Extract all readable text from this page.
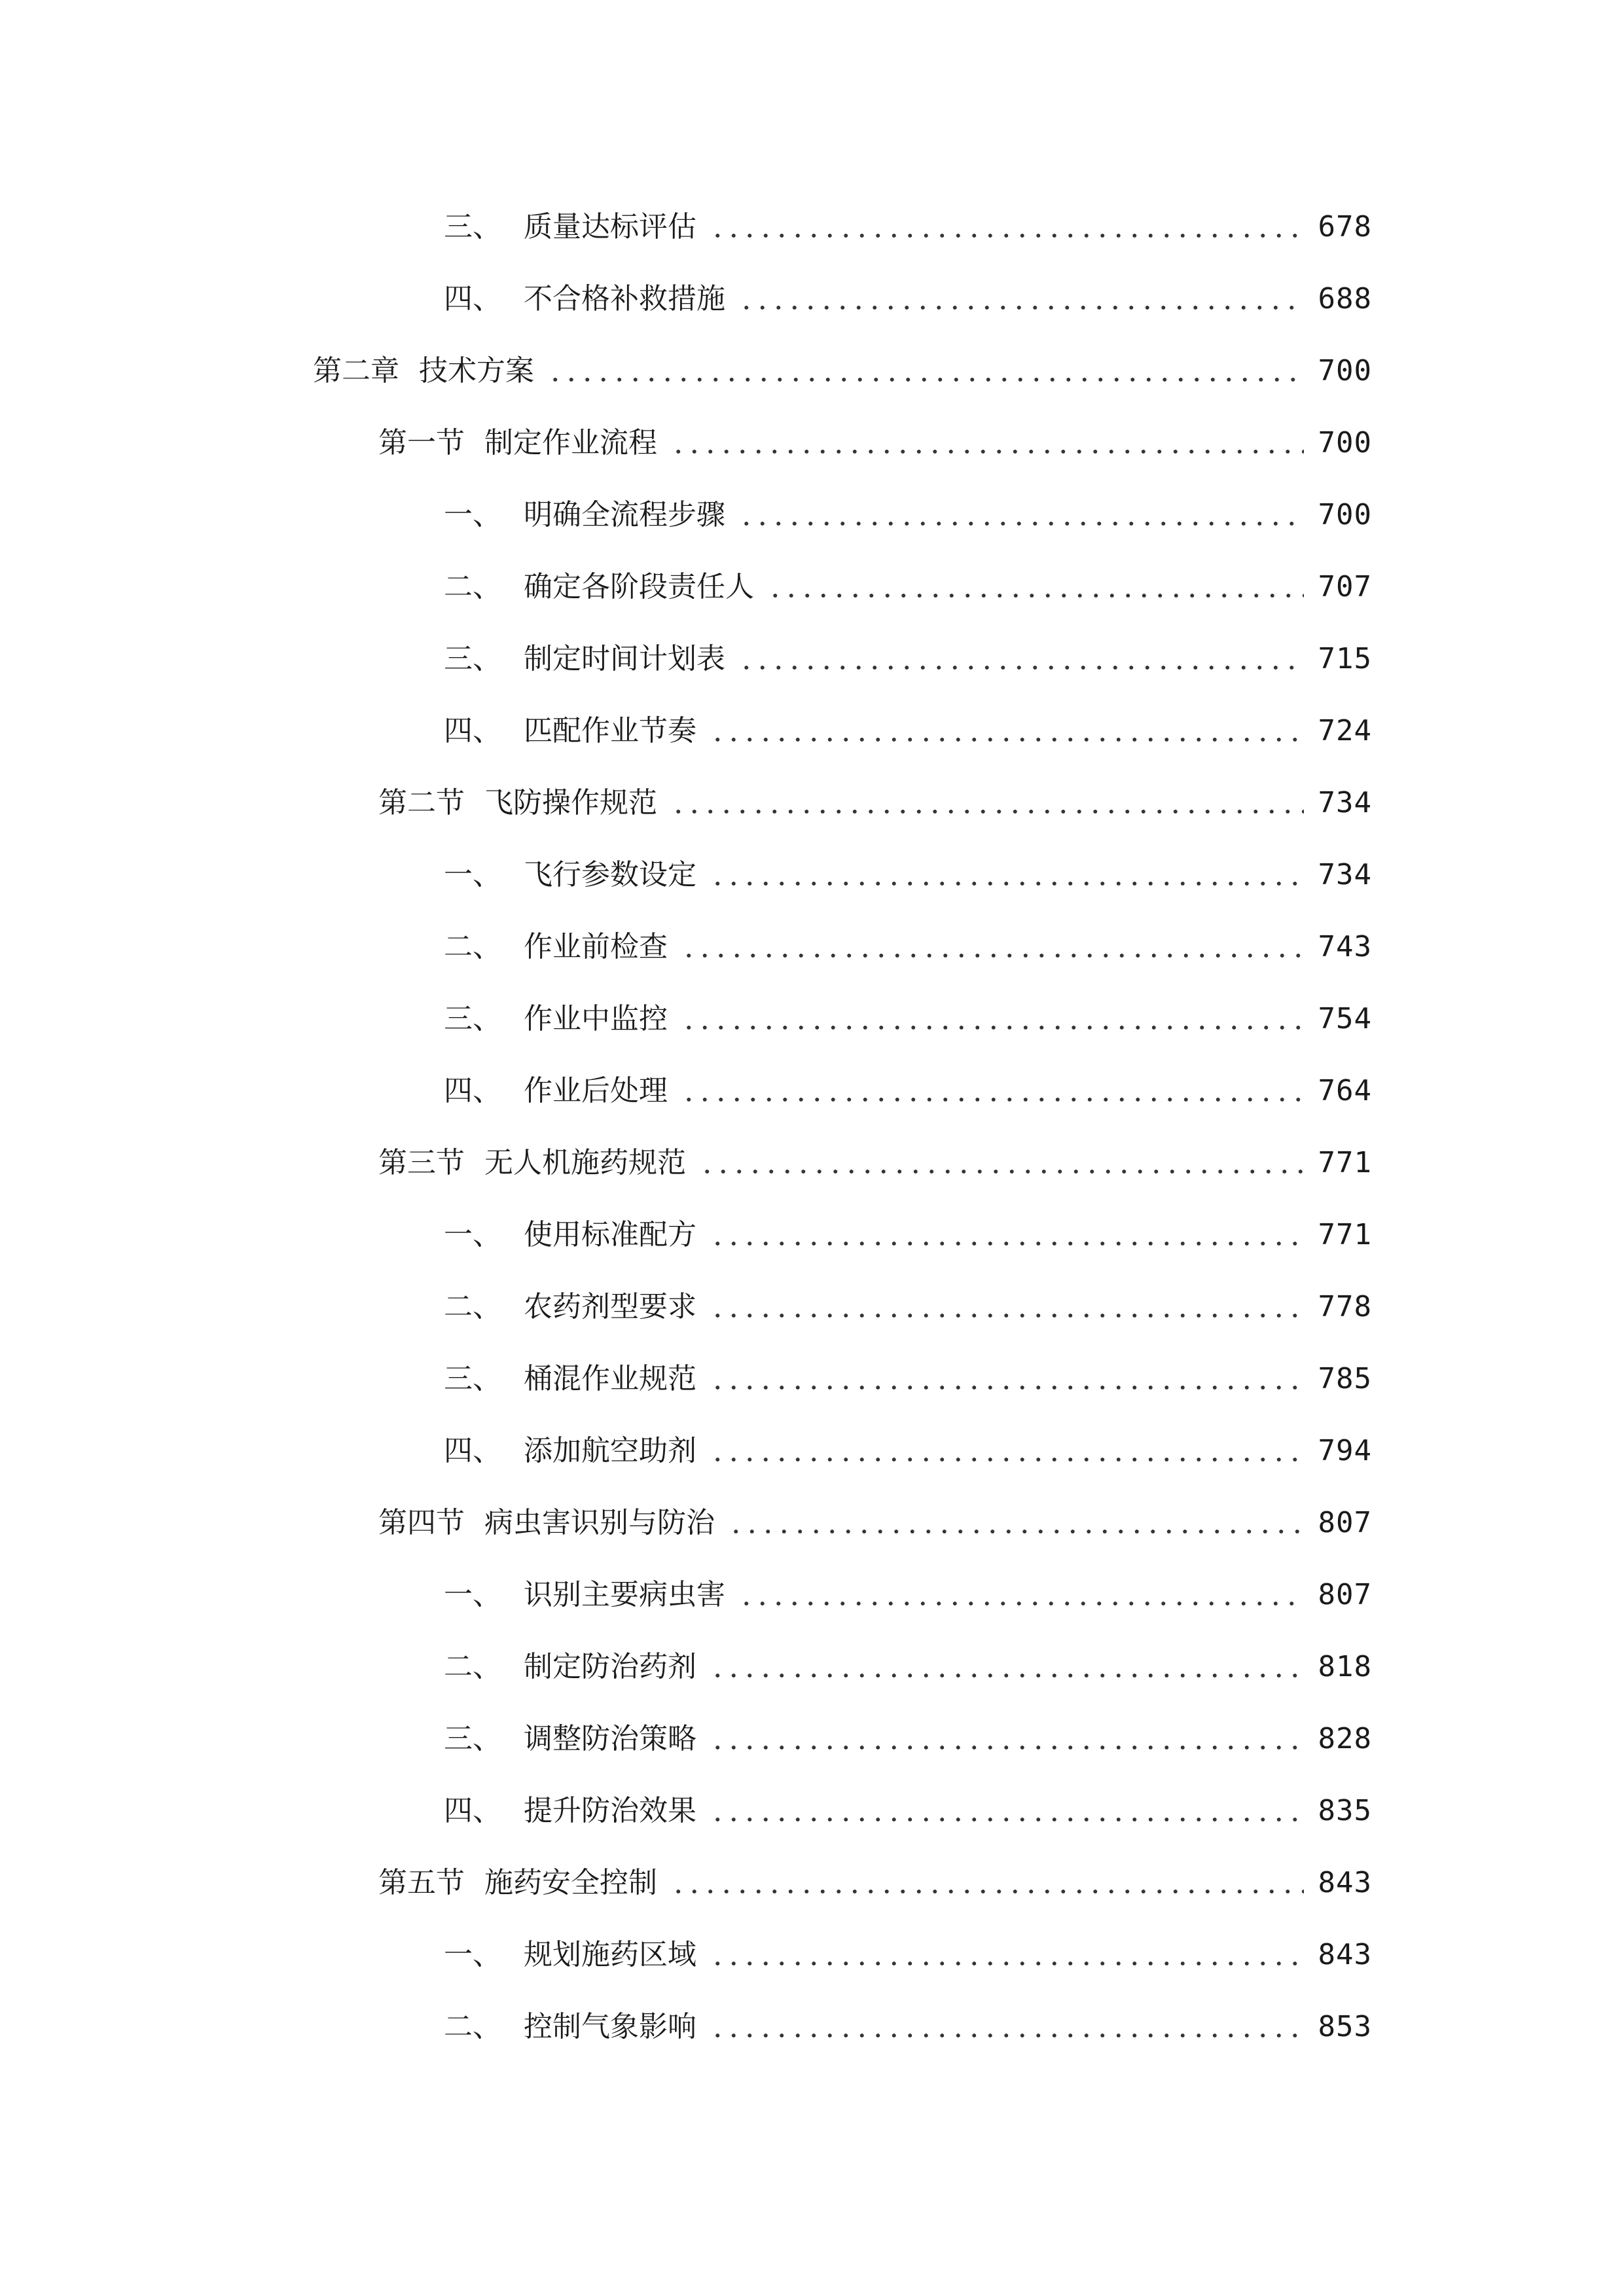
三、 质量达标评估	678
四、 不合格补救措施	688
第二章 技术方案	700
第一节 制定作业流程	700
一、 明确全流程步骤	700
二、 确定各阶段责任人	707
三、 制定时间计划表	715
四、 匹配作业节奏	724
第二节 飞防操作规范	734
一、 飞行参数设定	734
二、 作业前检查	743
三、 作业中监控	754
四、 作业后处理	764
第三节 无人机施药规范	771
一、 使用标准配方	771
二、 农药剂型要求	778
三、 桶混作业规范	785
四、 添加航空助剂	794
第四节 病虫害识别与防治	807
一、 识别主要病虫害	807
二、 制定防治药剂	818
三、 调整防治策略	828
四、 提升防治效果	835
第五节 施药安全控制	843
一、 规划施药区域	843
二、 控制气象影响	853
